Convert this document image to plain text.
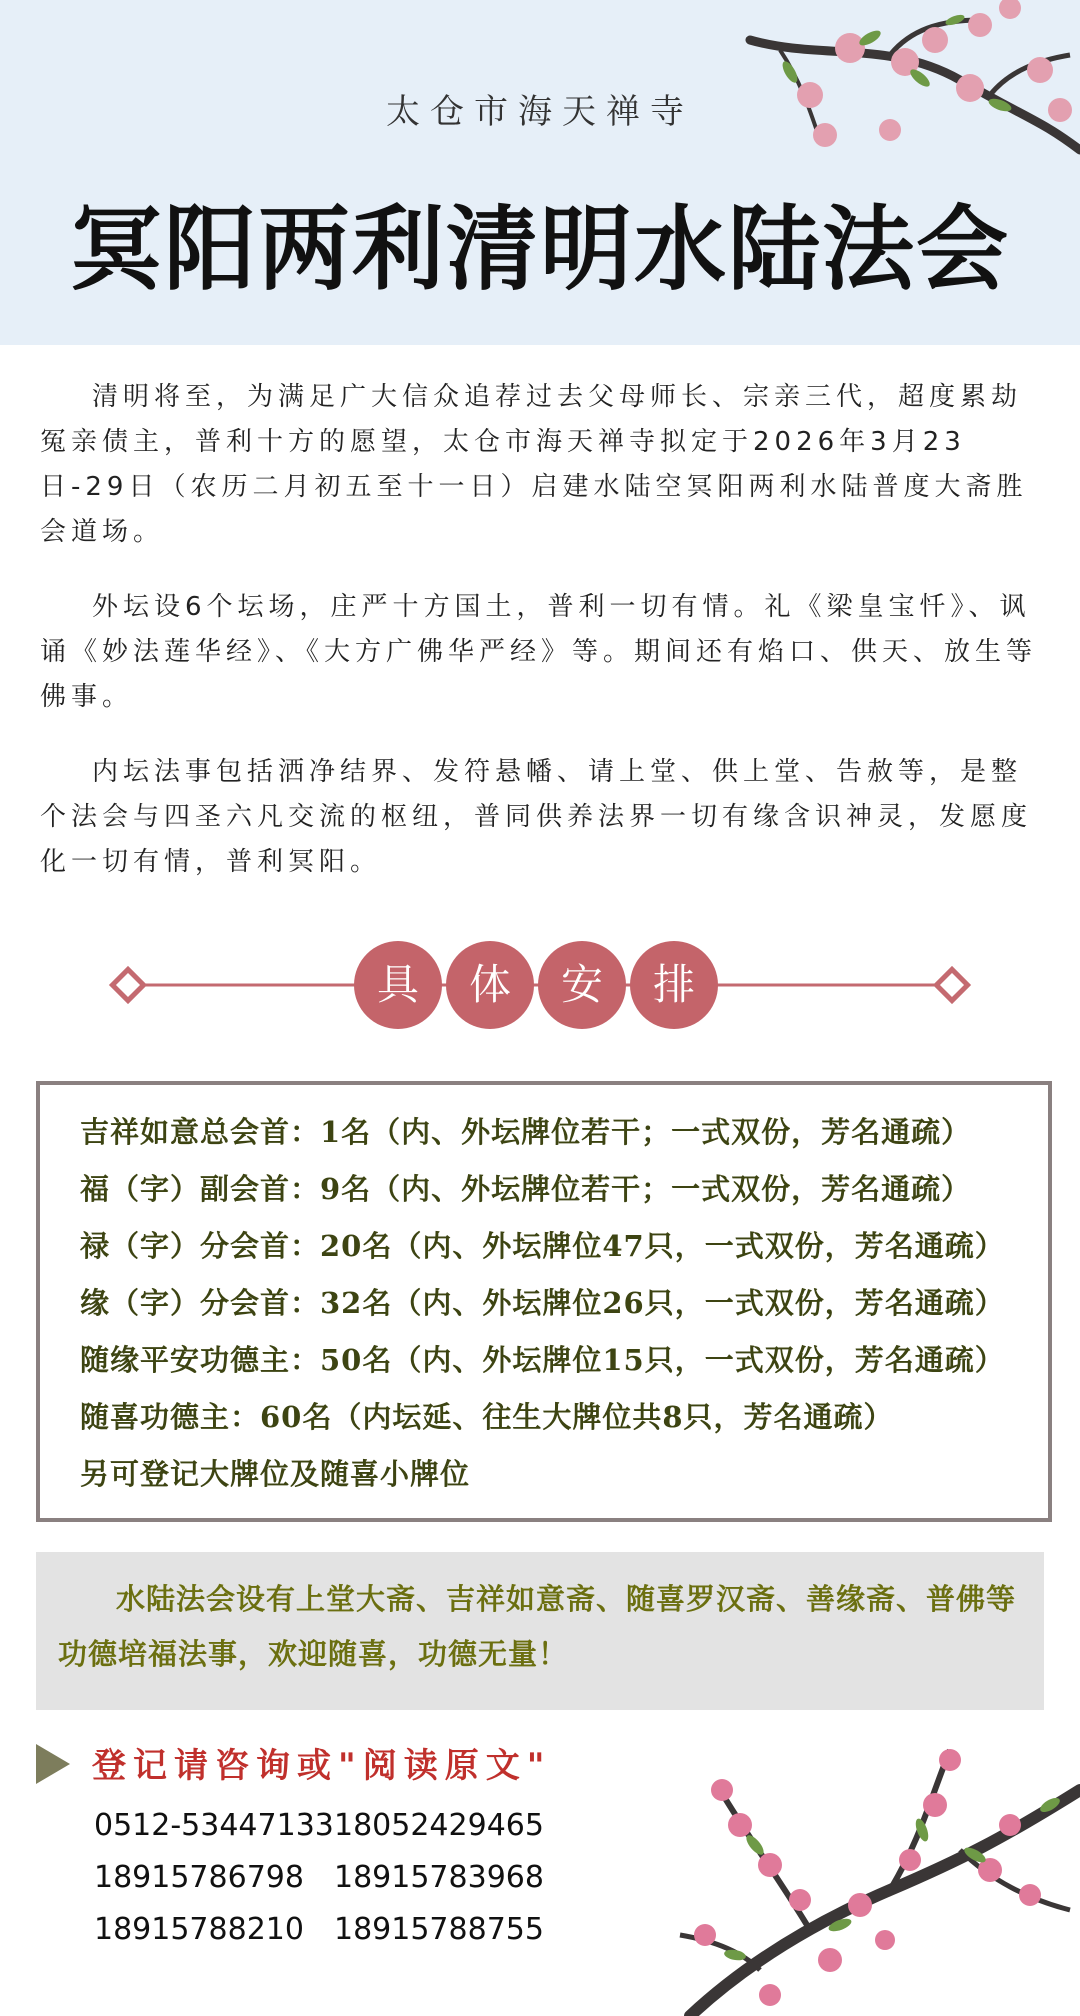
太仓市海天禅寺
冥阳两利清明水陆法会

清明将至，为满足广大信众追荐过去父母师长、宗亲三代，超度累劫冤亲债主，普利十方的愿望，太仓市海天禅寺拟定于2026年3月23日-29日（农历二月初五至十一日）启建水陆空冥阳两利水陆普度大斋胜会道场。

外坛设6个坛场，庄严十方国土，普利一切有情。礼《梁皇宝忏》、讽诵《妙法莲华经》、《大方广佛华严经》等。期间还有焰口、供天、放生等佛事。

内坛法事包括洒净结界、发符悬幡、请上堂、供上堂、告赦等，是整个法会与四圣六凡交流的枢纽，普同供养法界一切有缘含识神灵，发愿度化一切有情，普利冥阳。

具 体 安 排
吉祥如意总会首：1名（内、外坛牌位若干；一式双份，芳名通疏）
福（字）副会首：9名（内、外坛牌位若干；一式双份，芳名通疏）
禄（字）分会首：20名（内、外坛牌位47只，一式双份，芳名通疏）
缘（字）分会首：32名（内、外坛牌位26只，一式双份，芳名通疏）
随缘平安功德主：50名（内、外坛牌位15只，一式双份，芳名通疏）
随喜功德主：60名（内坛延、往生大牌位共8只，芳名通疏）
另可登记大牌位及随喜小牌位

水陆法会设有上堂大斋、吉祥如意斋、随喜罗汉斋、善缘斋、普佛等功德培福法事，欢迎随喜，功德无量！

登记请咨询或"阅读原文"
0512-53447133 18052429465
18915786798 18915783968
18915788210 18915788755
